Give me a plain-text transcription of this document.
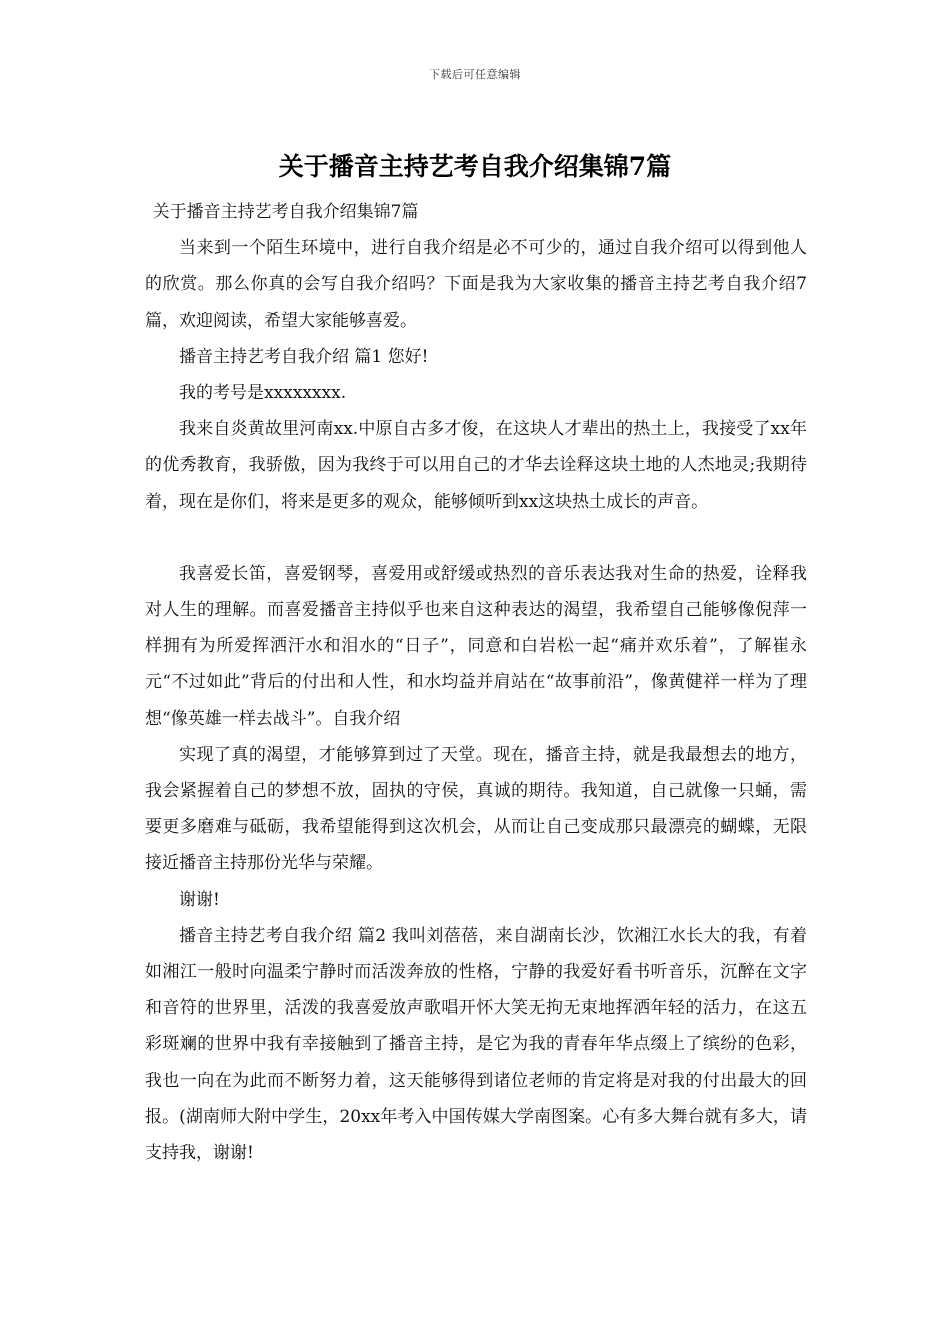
下载后可任意编辑
关于播音主持艺考自我介绍集锦7篇

关于播音主持艺考自我介绍集锦7篇

当来到一个陌生环境中，进行自我介绍是必不可少的，通过自我介绍可以得到他人的欣赏。那么你真的会写自我介绍吗？下面是我为大家收集的播音主持艺考自我介绍7篇，欢迎阅读，希望大家能够喜爱。

播音主持艺考自我介绍 篇1 您好!

我的考号是xxxxxxxx.

我来自炎黄故里河南xx.中原自古多才俊，在这块人才辈出的热土上，我接受了xx年的优秀教育，我骄傲，因为我终于可以用自己的才华去诠释这块土地的人杰地灵;我期待着，现在是你们，将来是更多的观众，能够倾听到xx这块热土成长的声音。

我喜爱长笛，喜爱钢琴，喜爱用或舒缓或热烈的音乐表达我对生命的热爱，诠释我对人生的理解。而喜爱播音主持似乎也来自这种表达的渴望，我希望自己能够像倪萍一样拥有为所爱挥洒汗水和泪水的“日子”，同意和白岩松一起“痛并欢乐着”，了解崔永元“不过如此”背后的付出和人性，和水均益并肩站在“故事前沿”，像黄健祥一样为了理想“像英雄一样去战斗”。自我介绍

实现了真的渴望，才能够算到过了天堂。现在，播音主持，就是我最想去的地方，我会紧握着自己的梦想不放，固执的守侯，真诚的期待。我知道，自己就像一只蛹，需要更多磨难与砥砺，我希望能得到这次机会，从而让自己变成那只最漂亮的蝴蝶，无限接近播音主持那份光华与荣耀。

谢谢!

播音主持艺考自我介绍 篇2 我叫刘蓓蓓，来自湖南长沙，饮湘江水长大的我，有着如湘江一般时向温柔宁静时而活泼奔放的性格，宁静的我爱好看书听音乐，沉醉在文字和音符的世界里，活泼的我喜爱放声歌唱开怀大笑无拘无束地挥洒年轻的活力，在这五彩斑斓的世界中我有幸接触到了播音主持，是它为我的青春年华点缀上了缤纷的色彩，我也一向在为此而不断努力着，这天能够得到诸位老师的肯定将是对我的付出最大的回报。(湖南师大附中学生，20xx年考入中国传媒大学南图案。心有多大舞台就有多大，请支持我，谢谢!
